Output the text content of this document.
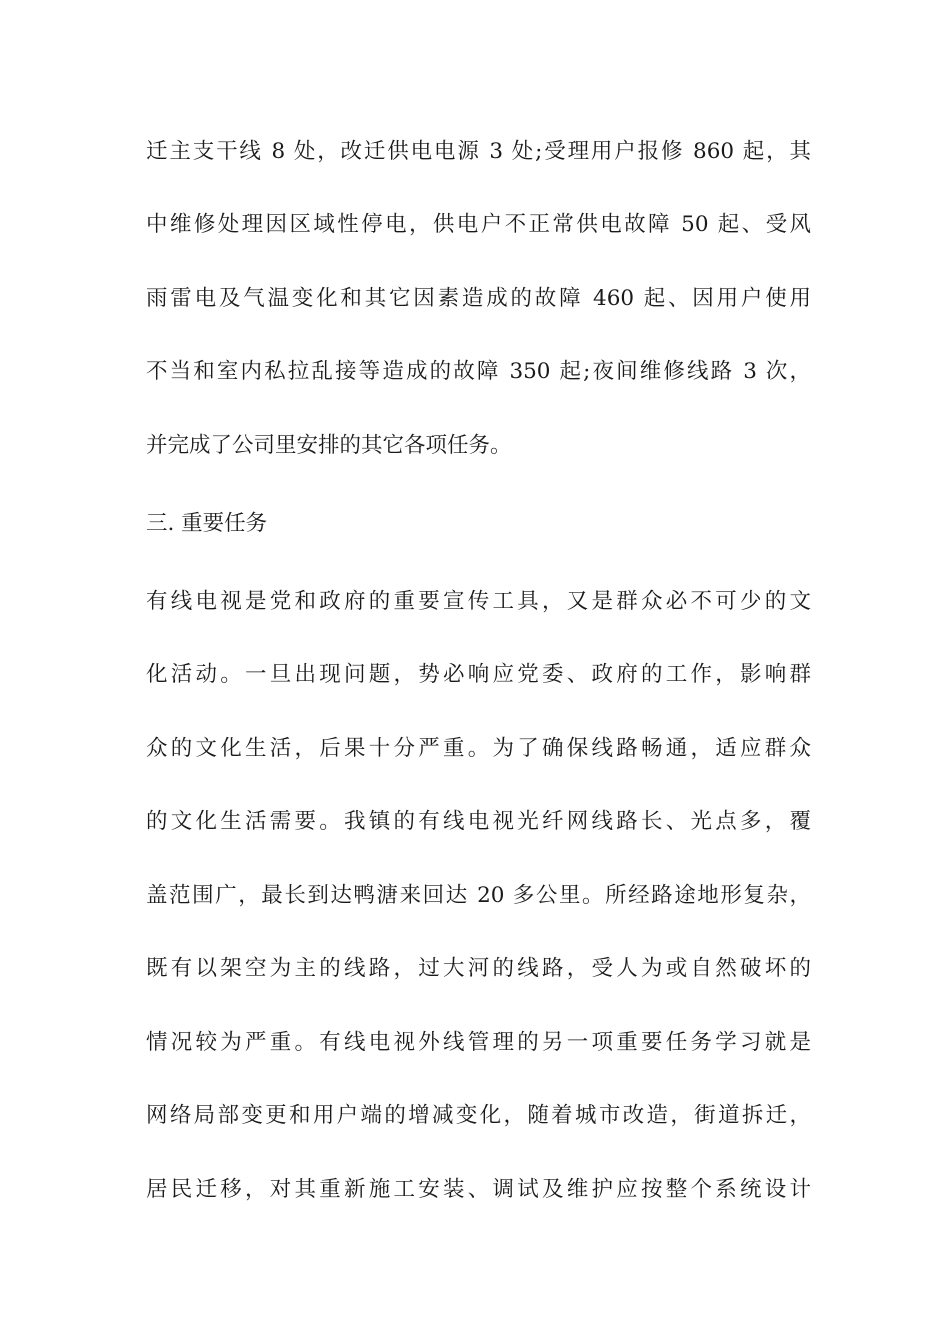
迁主支干线 8 处，改迁供电电源 3 处;受理用户报修 860 起，其
中维修处理因区域性停电，供电户不正常供电故障 50 起、受风
雨雷电及气温变化和其它因素造成的故障 460 起、因用户使用
不当和室内私拉乱接等造成的故障 350 起;夜间维修线路 3 次，
并完成了公司里安排的其它各项任务。
三. 重要任务
有线电视是党和政府的重要宣传工具，又是群众必不可少的文
化活动。一旦出现问题，势必响应党委、政府的工作，影响群
众的文化生活，后果十分严重。为了确保线路畅通，适应群众
的文化生活需要。我镇的有线电视光纤网线路长、光点多，覆
盖范围广，最长到达鸭溏来回达 20 多公里。所经路途地形复杂，
既有以架空为主的线路，过大河的线路，受人为或自然破坏的
情况较为严重。有线电视外线管理的另一项重要任务学习就是
网络局部变更和用户端的增减变化，随着城市改造，街道拆迁，
居民迁移，对其重新施工安装、调试及维护应按整个系统设计
